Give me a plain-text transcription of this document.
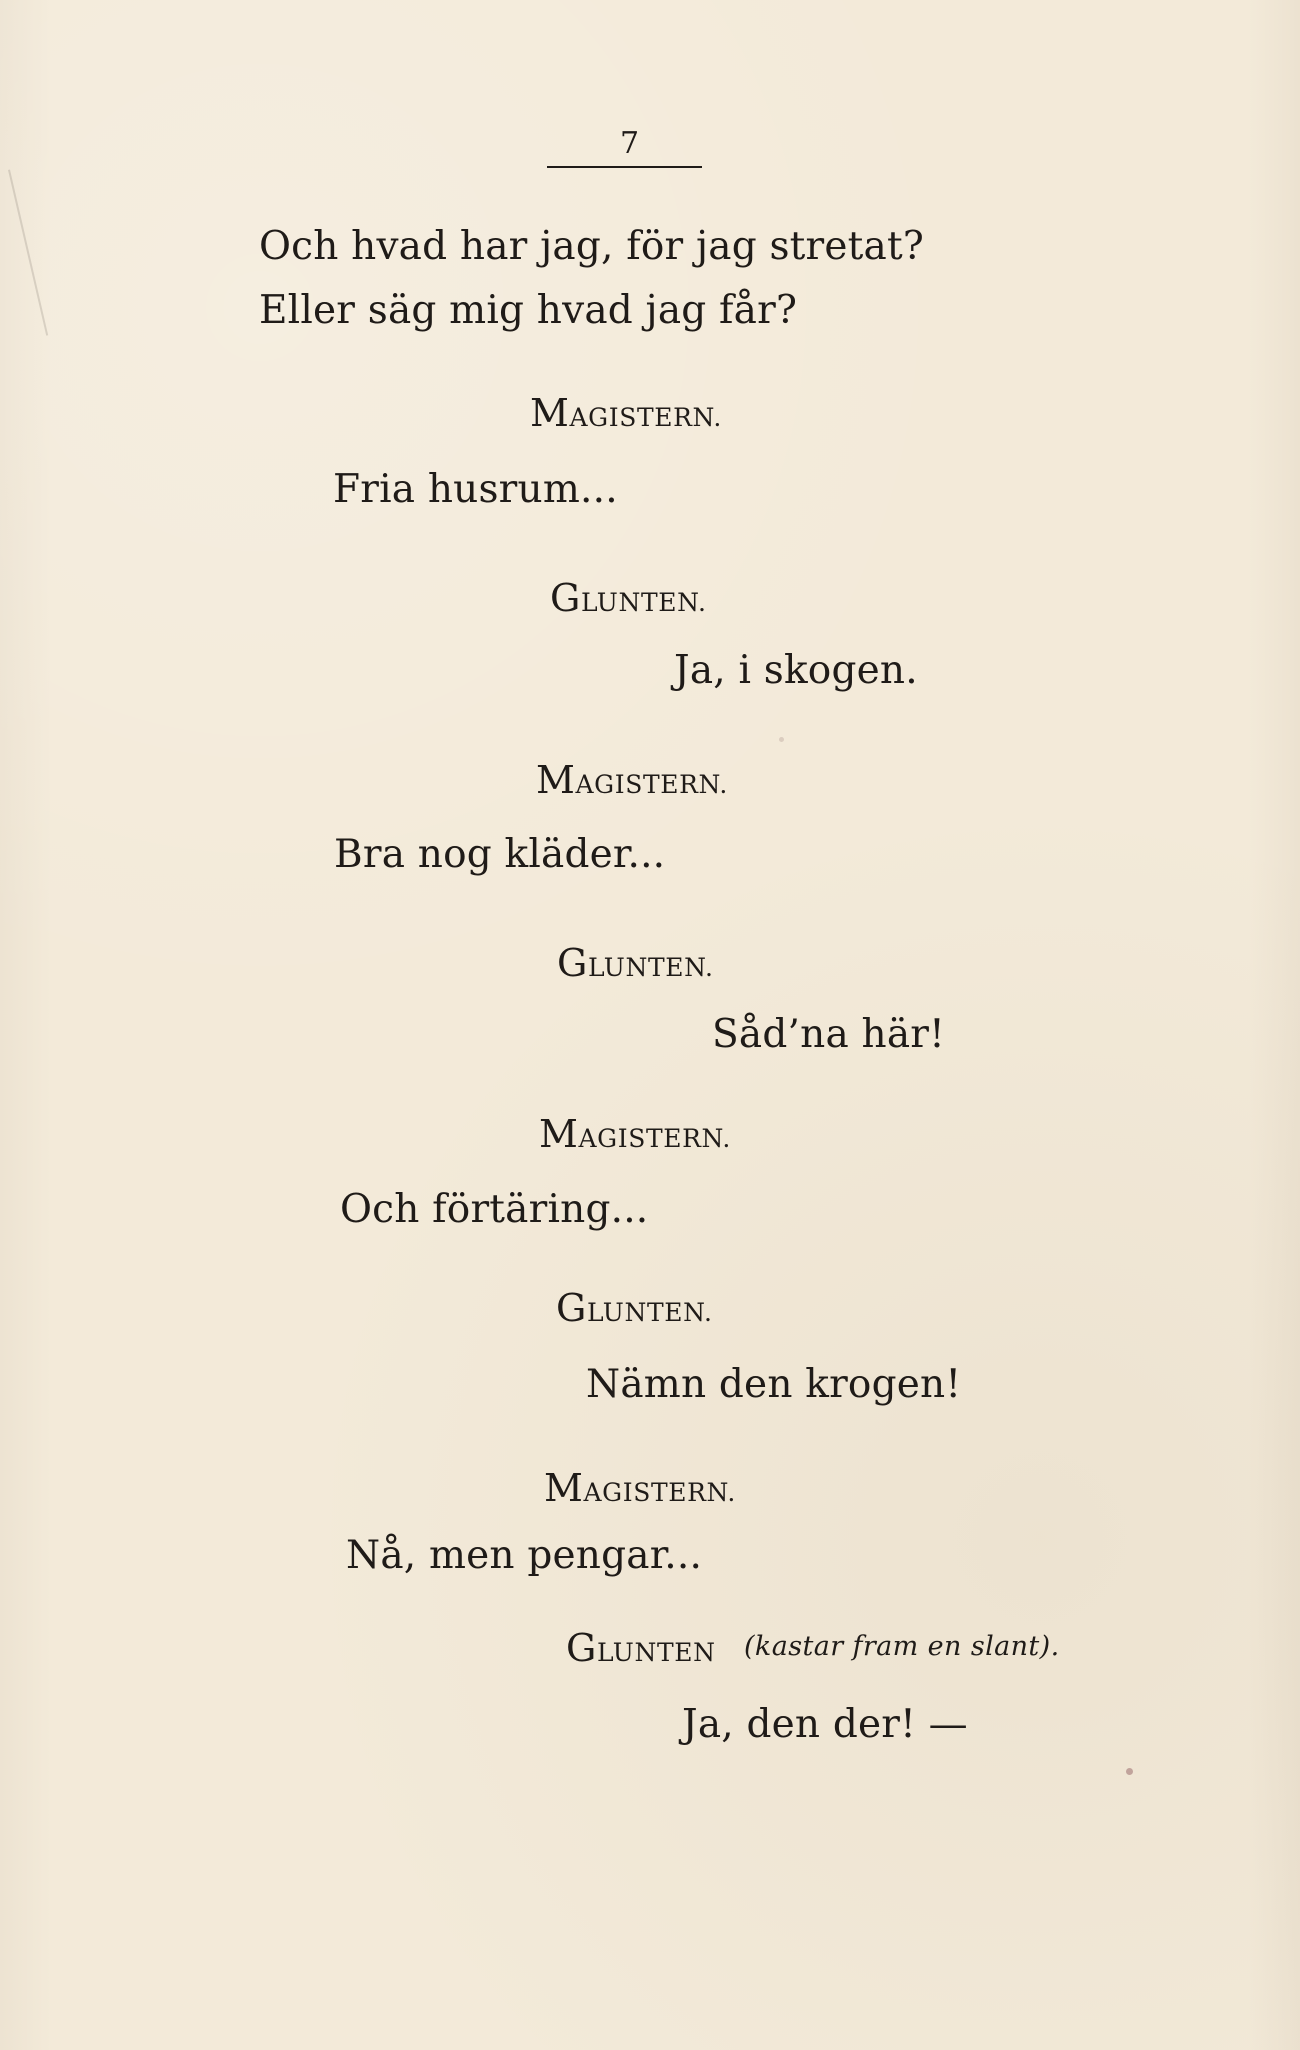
7
Och hvad har jag, för jag stretat?
Eller säg mig hvad jag får?
MAGISTERN.
Fria husrum...
GLUNTEN.
Ja, i skogen.
MAGISTERN.
Bra nog kläder...
GLUNTEN.
Såd’na här!
MAGISTERN.
Och förtäring...
GLUNTEN.
Nämn den krogen!
MAGISTERN.
Nå, men pengar...
GLUNTEN (kastar fram en slant).
Ja, den der! —
